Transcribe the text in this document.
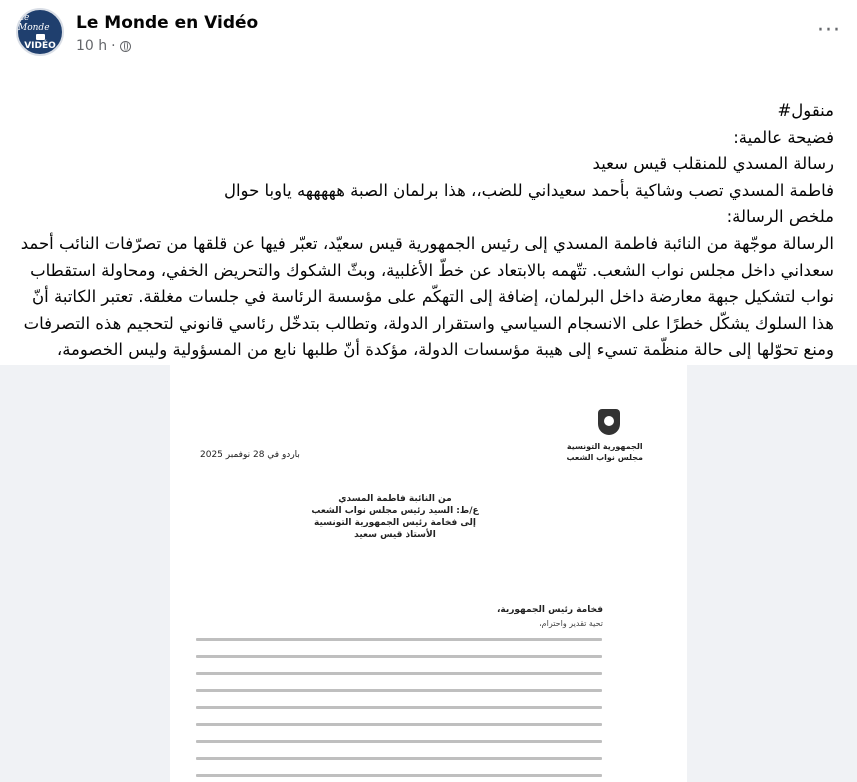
Le Monde
VIDÉO
Le Monde en Vidéo
10 h ·
···

منقول#

فضيحة عالمية:

رسالة المسدي للمنقلب قيس سعيد

فاطمة المسدي تصب وشاكية بأحمد سعيداني للضب،، هذا برلمان الصبة هههههه ياوبا حوال

ملخص الرسالة:

الرسالة موجّهة من النائبة فاطمة المسدي إلى رئيس الجمهورية قيس سعيّد، تعبّر فيها عن قلقها من تصرّفات النائب أحمد سعداني داخل مجلس نواب الشعب. تتّهمه بالابتعاد عن خطّ الأغلبية، وبثّ الشكوك والتحريض الخفي، ومحاولة استقطاب نواب لتشكيل جبهة معارضة داخل البرلمان، إضافة إلى التهكّم على مؤسسة الرئاسة في جلسات مغلقة. تعتبر الكاتبة أنّ هذا السلوك يشكّل خطرًا على الانسجام السياسي واستقرار الدولة، وتطالب بتدخّل رئاسي قانوني لتحجيم هذه التصرفات ومنع تحوّلها إلى حالة منظّمة تسيء إلى هيبة مؤسسات الدولة، مؤكدة أنّ طلبها نابع من المسؤولية وليس الخصومة،

الجمهورية التونسية
مجلس نواب الشعب
باردو في 28 نوفمبر 2025
من النائبة فاطمة المسدي
ع/ط: السيد رئيس مجلس نواب الشعب
إلى فخامة رئيس الجمهورية التونسية
الأستاذ قيس سعيد
فخامة رئيس الجمهورية،
تحية تقدير واحترام،
